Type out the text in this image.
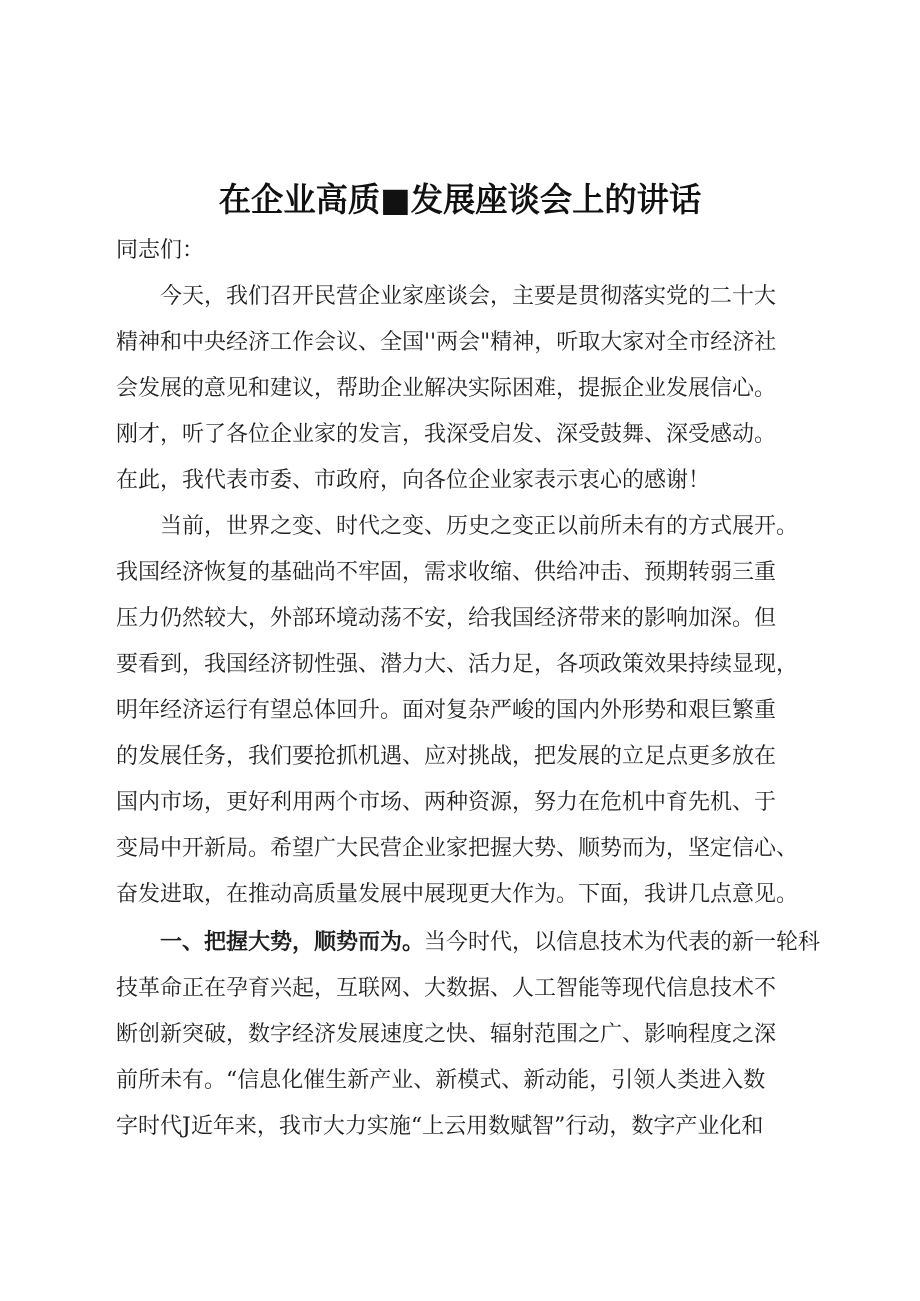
在企业高质■发展座谈会上的讲话
同志们：
今天，我们召开民营企业家座谈会，主要是贯彻落实党的二十大
精神和中央经济工作会议、全国''两会"精神，听取大家对全市经济社
会发展的意见和建议，帮助企业解决实际困难，提振企业发展信心。
刚才，听了各位企业家的发言，我深受启发、深受鼓舞、深受感动。
在此，我代表市委、市政府，向各位企业家表示衷心的感谢！
当前，世界之变、时代之变、历史之变正以前所未有的方式展开。
我国经济恢复的基础尚不牢固，需求收缩、供给冲击、预期转弱三重
压力仍然较大，外部环境动荡不安，给我国经济带来的影响加深。但
要看到，我国经济韧性强、潜力大、活力足，各项政策效果持续显现，
明年经济运行有望总体回升。面对复杂严峻的国内外形势和艰巨繁重
的发展任务，我们要抢抓机遇、应对挑战，把发展的立足点更多放在
国内市场，更好利用两个市场、两种资源，努力在危机中育先机、于
变局中开新局。希望广大民营企业家把握大势、顺势而为，坚定信心、
奋发进取，在推动高质量发展中展现更大作为。下面，我讲几点意见。
一、把握大势，顺势而为。当今时代，以信息技术为代表的新一轮科
技革命正在孕育兴起，互联网、大数据、人工智能等现代信息技术不
断创新突破，数字经济发展速度之快、辐射范围之广、影响程度之深
前所未有。“信息化催生新产业、新模式、新动能，引领人类进入数
字时代J近年来，我市大力实施“上云用数赋智”行动，数字产业化和
